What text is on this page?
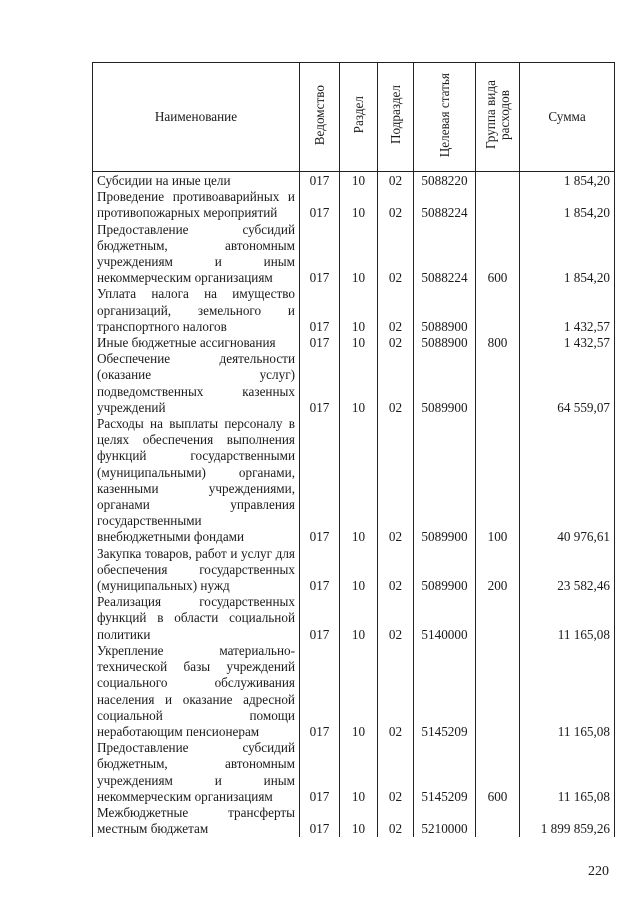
Наименование	Ведомство	Раздел	Подраздел	Целевая статья	Группа вида расходов	Сумма
Субсидии на иные цели	017	10	02	5088220		1 854,20
Проведение противоаварийных и противопожарных мероприятий	017	10	02	5088224		1 854,20
Предоставление субсидий бюджетным, автономным учреждениям и иным некоммерческим организациям	017	10	02	5088224	600	1 854,20
Уплата налога на имущество организаций, земельного и транспортного налогов	017	10	02	5088900		1 432,57
Иные бюджетные ассигнования	017	10	02	5088900	800	1 432,57
Обеспечение деятельности (оказание услуг) подведомственных казенных учреждений	017	10	02	5089900		64 559,07
Расходы на выплаты персоналу в целях обеспечения выполнения функций государственными (муниципальными) органами, казенными учреждениями, органами управления государственными внебюджетными фондами	017	10	02	5089900	100	40 976,61
Закупка товаров, работ и услуг для обеспечения государственных (муниципальных) нужд	017	10	02	5089900	200	23 582,46
Реализация государственных функций в области социальной политики	017	10	02	5140000		11 165,08
Укрепление материально-технической базы учреждений социального обслуживания населения и оказание адресной социальной помощи неработающим пенсионерам	017	10	02	5145209		11 165,08
Предоставление субсидий бюджетным, автономным учреждениям и иным некоммерческим организациям	017	10	02	5145209	600	11 165,08
Межбюджетные трансферты местным бюджетам	017	10	02	5210000		1 899 859,26
220
